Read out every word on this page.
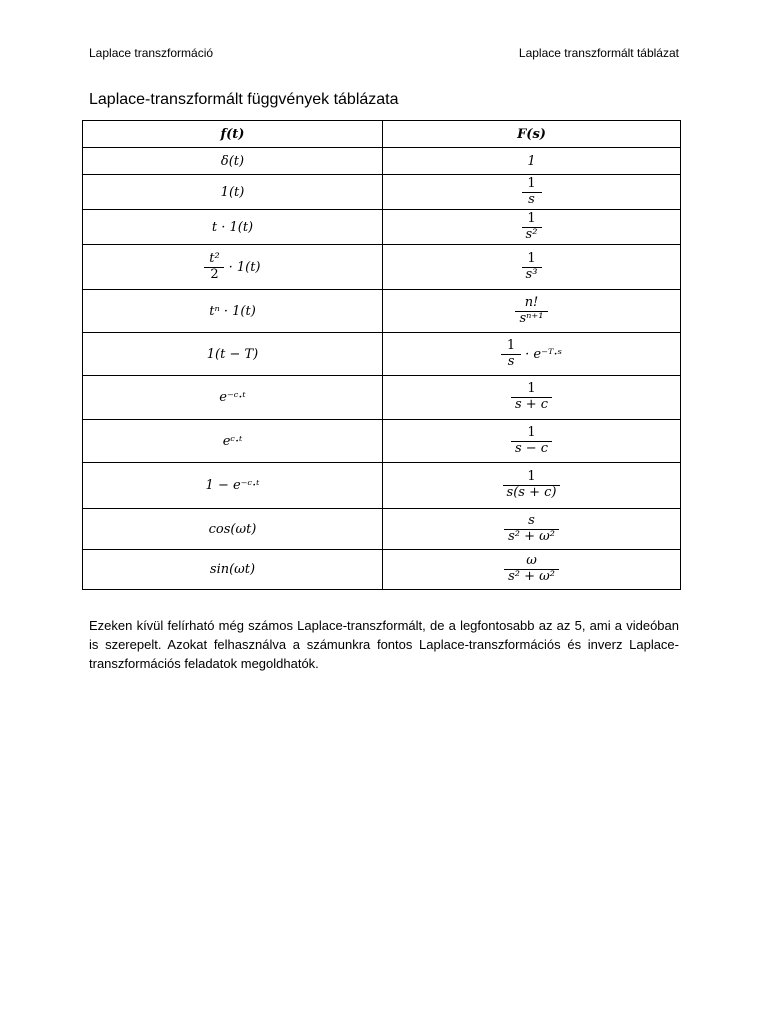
Laplace transzformáció	Laplace transzformált táblázat
Laplace-transzformált függvények táblázata
f(t)	F(s)
δ(t)	1
1(t)	$\frac{1}{s}$

t · 1(t)	$\frac{1}{\text{s²}}$

$\frac{\text{t²}}{2} \cdot 1(t)$	$\frac{1}{\text{s³}}$

tⁿ · 1(t)	$\frac{n!}{\text{sⁿ⁺¹}}$

1(t − T)	$\frac{1}{s}$ · e⁻ᵀ·ˢ
e⁻ᶜ·ᵗ	$\frac{1}{s + c}$

eᶜ·ᵗ	$\frac{1}{s - c}$

1 − e⁻ᶜ·ᵗ	$\frac{1}{s(s + c)}$

cos(ωt)	$\frac{s}{\text{s² + ω²}}$

sin(ωt)	$\frac{\omega}{\text{s² + ω²}}$
Ezeken kívül felírható még számos Laplace-transzformált, de a legfontosabb az az 5, ami a videóban is szerepelt. Azokat felhasználva a számunkra fontos Laplace-transzformációs és inverz Laplace-transzformációs feladatok megoldhatók.
